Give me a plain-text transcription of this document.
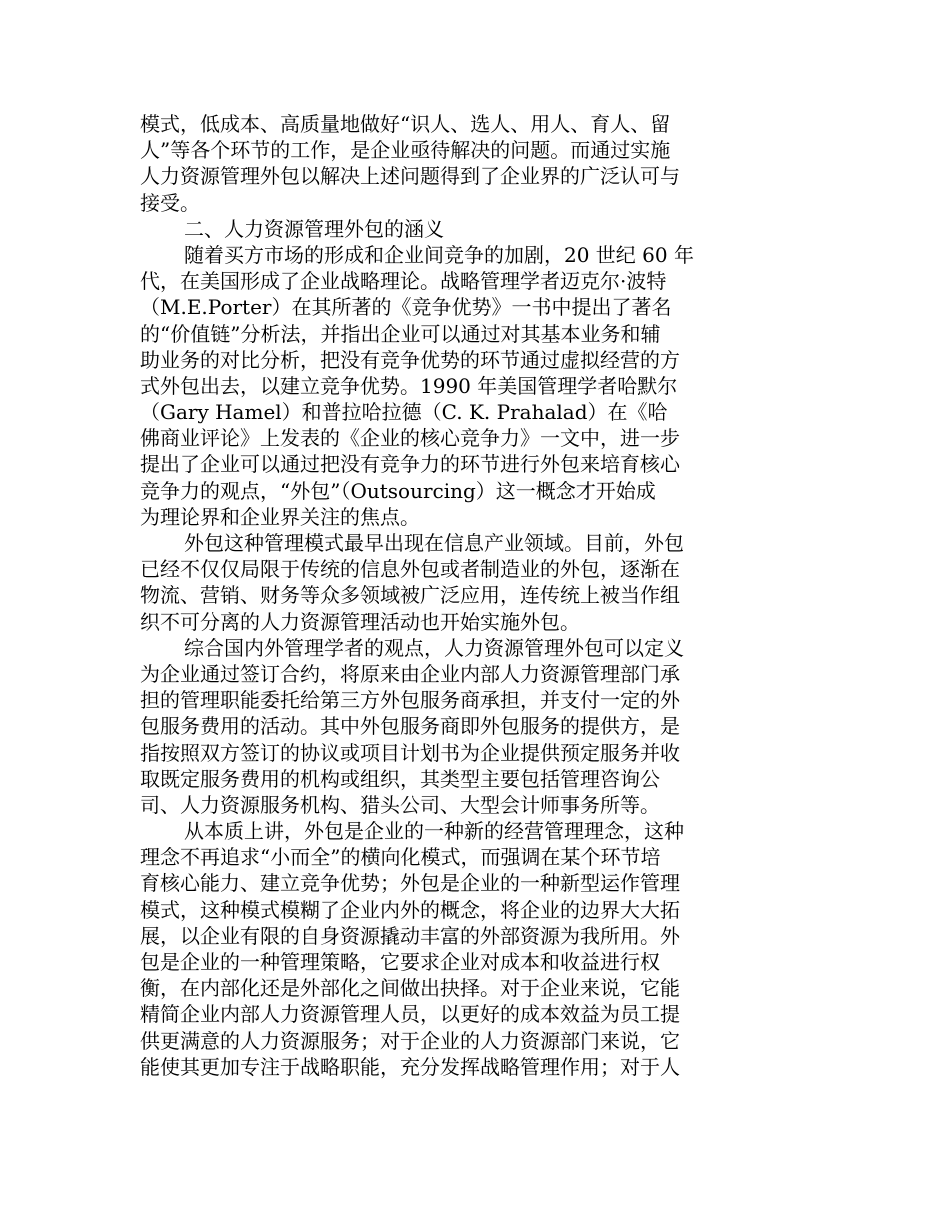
模式，低成本、高质量地做好“识人、选人、用人、育人、留
人”等各个环节的工作，是企业亟待解决的问题。而通过实施
人力资源管理外包以解决上述问题得到了企业界的广泛认可与
接受。
二、人力资源管理外包的涵义
随着买方市场的形成和企业间竞争的加剧，20 世纪 60 年
代，在美国形成了企业战略理论。战略管理学者迈克尔·波特
（M.E.Porter）在其所著的《竞争优势》一书中提出了著名
的“价值链”分析法，并指出企业可以通过对其基本业务和辅
助业务的对比分析，把没有竞争优势的环节通过虚拟经营的方
式外包出去，以建立竞争优势。1990 年美国管理学者哈默尔
（Gary Hamel）和普拉哈拉德（C. K. Prahalad）在《哈
佛商业评论》上发表的《企业的核心竞争力》一文中，进一步
提出了企业可以通过把没有竞争力的环节进行外包来培育核心
竞争力的观点，“外包”（Outsourcing）这一概念才开始成
为理论界和企业界关注的焦点。
外包这种管理模式最早出现在信息产业领域。目前，外包
已经不仅仅局限于传统的信息外包或者制造业的外包，逐渐在
物流、营销、财务等众多领域被广泛应用，连传统上被当作组
织不可分离的人力资源管理活动也开始实施外包。
综合国内外管理学者的观点，人力资源管理外包可以定义
为企业通过签订合约，将原来由企业内部人力资源管理部门承
担的管理职能委托给第三方外包服务商承担，并支付一定的外
包服务费用的活动。其中外包服务商即外包服务的提供方，是
指按照双方签订的协议或项目计划书为企业提供预定服务并收
取既定服务费用的机构或组织，其类型主要包括管理咨询公
司、人力资源服务机构、猎头公司、大型会计师事务所等。
从本质上讲，外包是企业的一种新的经营管理理念，这种
理念不再追求“小而全”的横向化模式，而强调在某个环节培
育核心能力、建立竞争优势；外包是企业的一种新型运作管理
模式，这种模式模糊了企业内外的概念，将企业的边界大大拓
展，以企业有限的自身资源撬动丰富的外部资源为我所用。外
包是企业的一种管理策略，它要求企业对成本和收益进行权
衡，在内部化还是外部化之间做出抉择。对于企业来说，它能
精简企业内部人力资源管理人员，以更好的成本效益为员工提
供更满意的人力资源服务；对于企业的人力资源部门来说，它
能使其更加专注于战略职能，充分发挥战略管理作用；对于人
